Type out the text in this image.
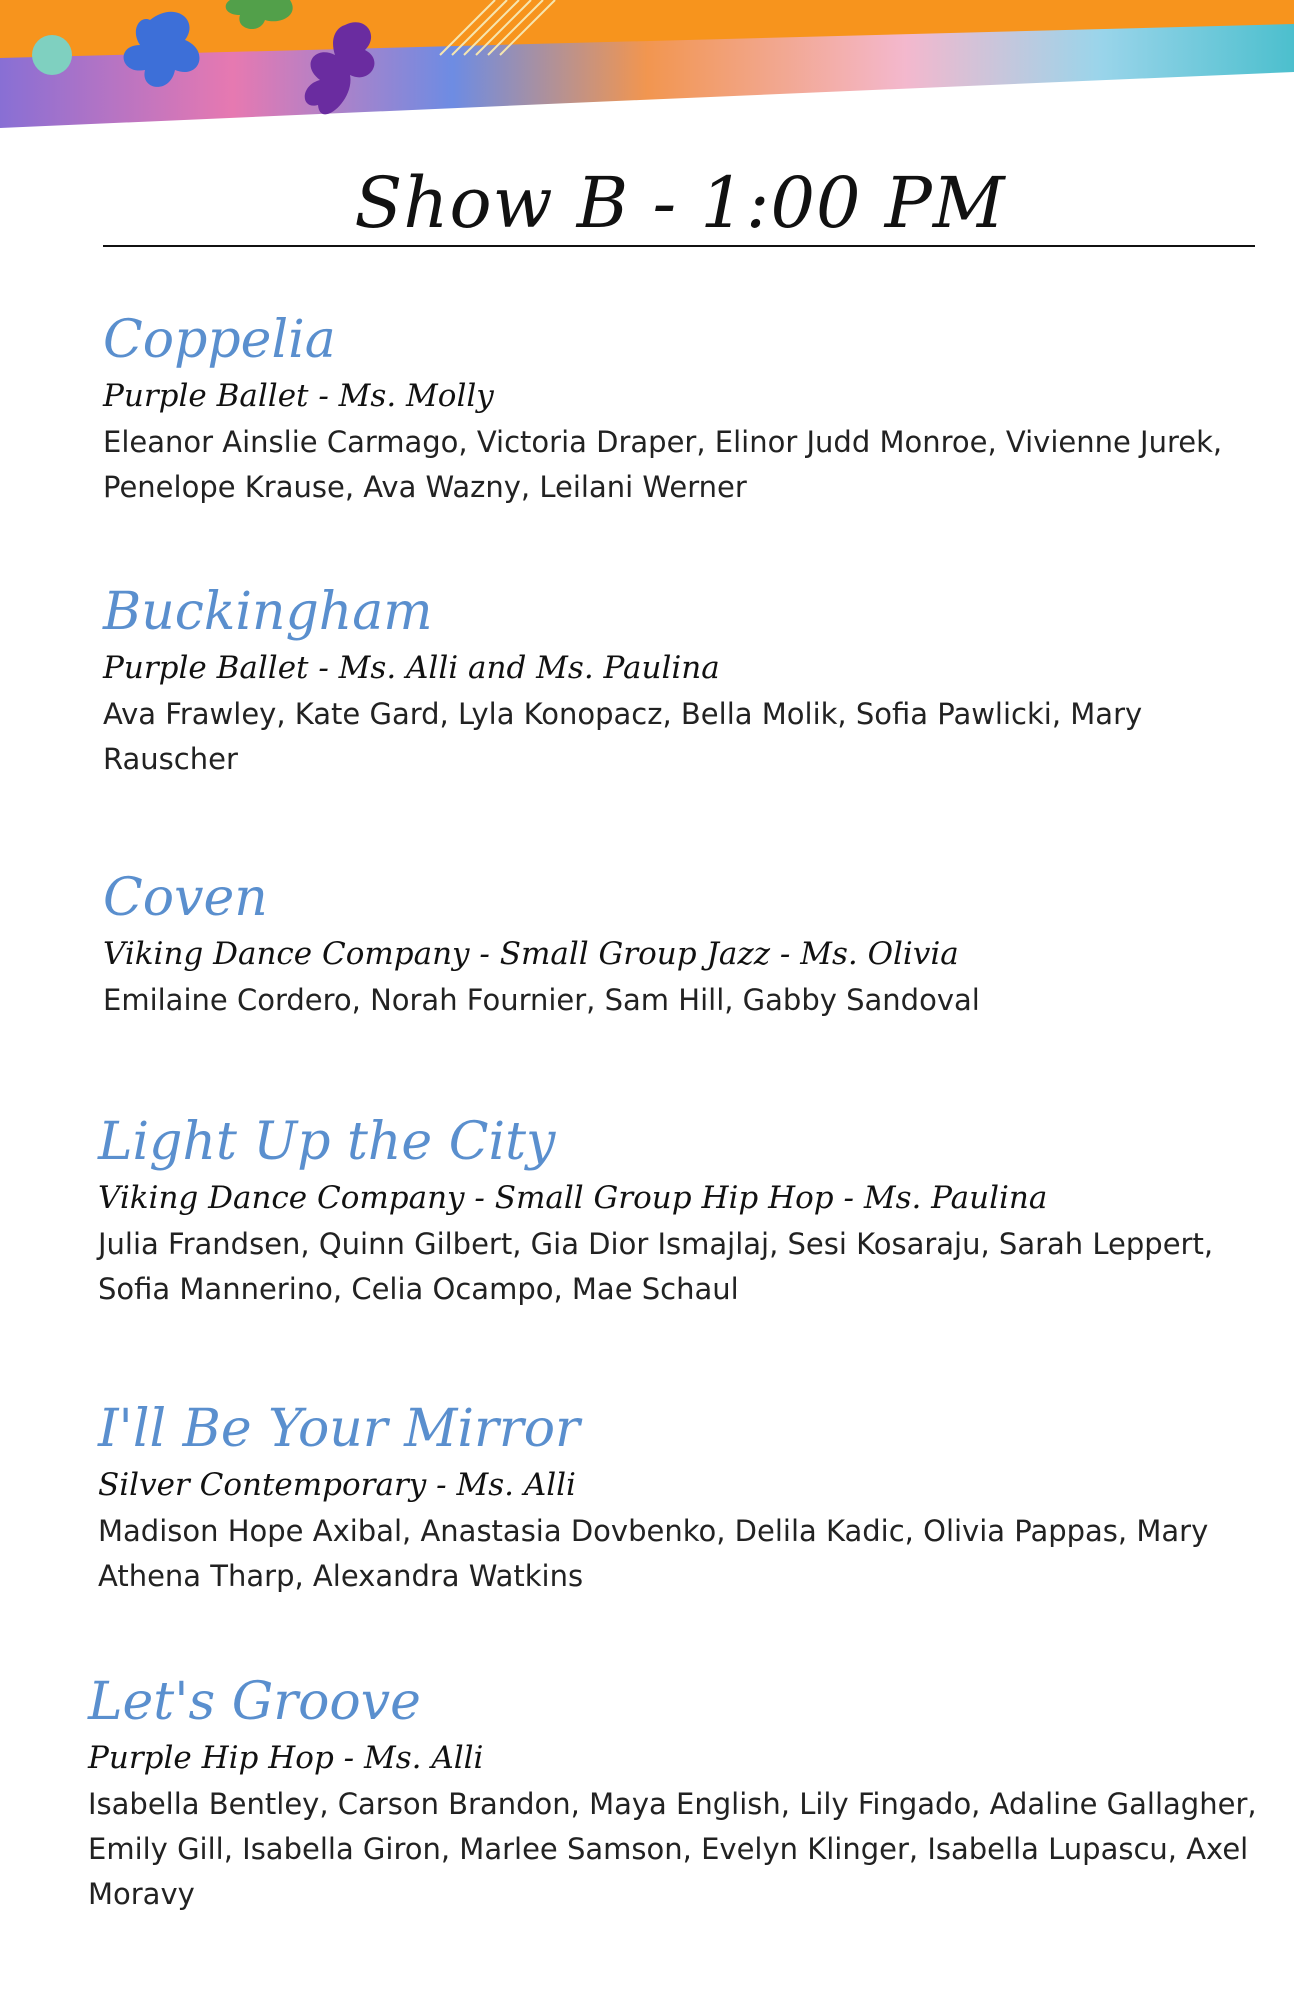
Show B - 1:00 PM
Coppelia
Purple Ballet - Ms. Molly
Eleanor Ainslie Carmago, Victoria Draper, Elinor Judd Monroe, Vivienne Jurek, Penelope Krause, Ava Wazny, Leilani Werner
Buckingham
Purple Ballet - Ms. Alli and Ms. Paulina
Ava Frawley, Kate Gard, Lyla Konopacz, Bella Molik, Sofia Pawlicki, Mary Rauscher
Coven
Viking Dance Company - Small Group Jazz - Ms. Olivia
Emilaine Cordero, Norah Fournier, Sam Hill, Gabby Sandoval
Light Up the City
Viking Dance Company - Small Group Hip Hop - Ms. Paulina
Julia Frandsen, Quinn Gilbert, Gia Dior Ismajlaj, Sesi Kosaraju, Sarah Leppert, Sofia Mannerino, Celia Ocampo, Mae Schaul
I'll Be Your Mirror
Silver Contemporary - Ms. Alli
Madison Hope Axibal, Anastasia Dovbenko, Delila Kadic, Olivia Pappas, Mary Athena Tharp, Alexandra Watkins
Let's Groove
Purple Hip Hop - Ms. Alli
Isabella Bentley, Carson Brandon, Maya English, Lily Fingado, Adaline Gallagher, Emily Gill, Isabella Giron, Marlee Samson, Evelyn Klinger, Isabella Lupascu, Axel Moravy
